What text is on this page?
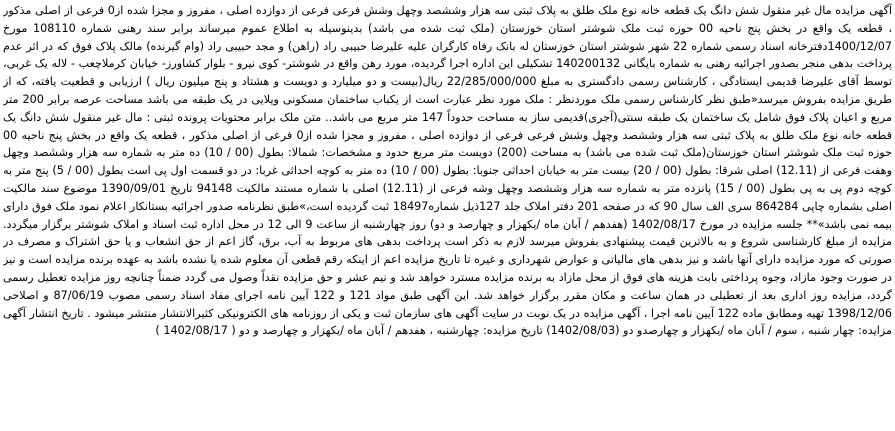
آگهی مزایده مال غیر منقول شش دانگ یک قطعه خانه نوع ملک طلق به پلاک ثبتی سه هزار وششصد وچهل وشش فرعی فرعی از دوازده اصلی ، مفروز و مجزا شده از0 فرعی از اصلی مذکور ، قطعه یک واقع در بخش پنج ناحیه 00 حوزه ثبت ملک شوشتر استان خوزستان (ملک ثبت شده می باشد) بدینوسیله به اطلاع عموم میرساند برابر سند رهنی شماره 108110 مورخ 1400/12/07دفترخانه اسناد رسمی شماره 22 شهر شوشتر استان خوزستان له بانک رفاه کارگران علیه علیرضا حبیبی راد (راهن) و مجد حبیبی راد (وام گیرنده) مالک پلاک فوق که در اثر عدم پرداخت بدهی منجر بصدور اجرائیه رهنی به شماره بایگانی 140200132 تشکیلی این اداره اجرا گردیده، مورد رهن واقع در شوشتر- کوی نیرو - بلوار کشاورز- خیابان کرملاچعب - لاله یک غربی، توسط آقای علیرضا قدیمی ایستادگی ، کارشناس رسمی دادگستری به مبلغ 22/285/000/000 ریال(بیست و دو میلیارد و دویست و هشتاد و پنج میلیون ریال ) ارزیابی و قطعیت یافته، که از طریق مزایده بفروش میرسد«طبق نظر کارشناس رسمی ملک موردنظر : ملک مورد نظر عبارت است از یکباب ساختمان مسکونی ویلایی در یک طبقه می باشد مساحت عرصه برابر 200 متر مربع و اعیان پلاک فوق شامل یک ساختمان یک طبقه سنتی(آجری)قدیمی ساز به مساحت حدوداً 147 متر مربع می باشد.. متن ملک برابر محتویات پرونده ثبتی : مال غیر منقول شش دانگ یک قطعه خانه نوع ملک طلق به پلاک ثبتی سه هزار وششصد وچهل وشش فرعی فرعی از دوازده اصلی ، مفروز و مجزا شده از0 فرعی از اصلی مذکور ، قطعه یک واقع در بخش پنج ناحیه 00 حوزه ثبت ملک شوشتر استان خوزستان(ملک ثبت شده می باشد) به مساحت (200) دویست متر مربع حدود و مشخصات: شمالا: بطول (00 / 10) ده متر به شماره سه هزار وششصد وچهل وهفت فرعی از (12.11) اصلی شرقا: بطول (00 / 20) بیست متر به خیابان احداثی جنوبا: بطول (00 / 10) ده متر به کوچه احداثی غربا: در دو قسمت اول پی است بطول (00 / 5) پنج متر به کوچه دوم پی به پی بطول (00 / 15) پانزده متر به شماره سه هزار وششصد وچهل وشه فرعی از (12.11) اصلی با شماره مستند مالکیت 94148 تاریخ 1390/09/01 موضوع سند مالکیت اصلی بشماره چاپی 864284 سری الف سال 90 که در صفحه 201 دفتر املاک جلد 127ذیل شماره18497 ثبت گردیده است،»طبق نظرنامه صدور اجرائیه بستانکار اعلام نمود ملک فوق دارای بیمه نمی باشد»** جلسه مزایده در مورخ 1402/08/17 (هفدهم / آبان ماه /یکهزار و چهارصد و دو) روز چهارشنبه از ساعت 9 الی 12 در محل اداره ثبت اسناد و املاک شوشتر برگزار میگردد. مزایده از مبلغ کارشناسی شروع و به بالاترین قیمت پیشنهادی بفروش میرسد لازم به ذکر است پرداخت بدهی های مربوط به آب، برق، گاز اعم از حق انشعاب و یا حق اشتراک و مصرف در صورتی که مورد مزایده دارای آنها باشد و نیز بدهی های مالیاتی و عوارض شهرداری و غیره تا تاریخ مزایده اعم از اینکه رقم قطعی آن معلوم شده یا نشده باشد به عهده برنده مزایده است و نیز در صورت وجود مازاد، وجوه پرداختی بابت هزینه های فوق از محل مازاد به برنده مزایده مسترد خواهد شد و نیم عشر و حق مزایده نقداً وصول می گردد ضمناً چنانچه روز مزایده تعطیل رسمی گردد، مزایده روز اداری بعد از تعطیلی در همان ساعت و مکان مقرر برگزار خواهد شد. این آگهی طبق مواد 121 و 122 آیین نامه اجرای مفاد اسناد رسمی مصوب 87/06/19 و اصلاحی 1398/12/06 تهیه ومطابق ماده 122 آیین نامه اجرا ، آگهی مزایده در یک نوبت در سایت آگهی های سازمان ثبت و یکی از روزنامه های الکترونیکی کثیرالانتشار منتشر میشود . تاریخ انتشار آگهی مزایده: چهار شنبه ، سوم / آبان ماه /یکهزار و چهارصدو دو (1402/08/03) تاریخ مزایده: چهارشنبه ، هفدهم / آبان ماه /یکهزار و چهارصد و دو ( 1402/08/17 )
